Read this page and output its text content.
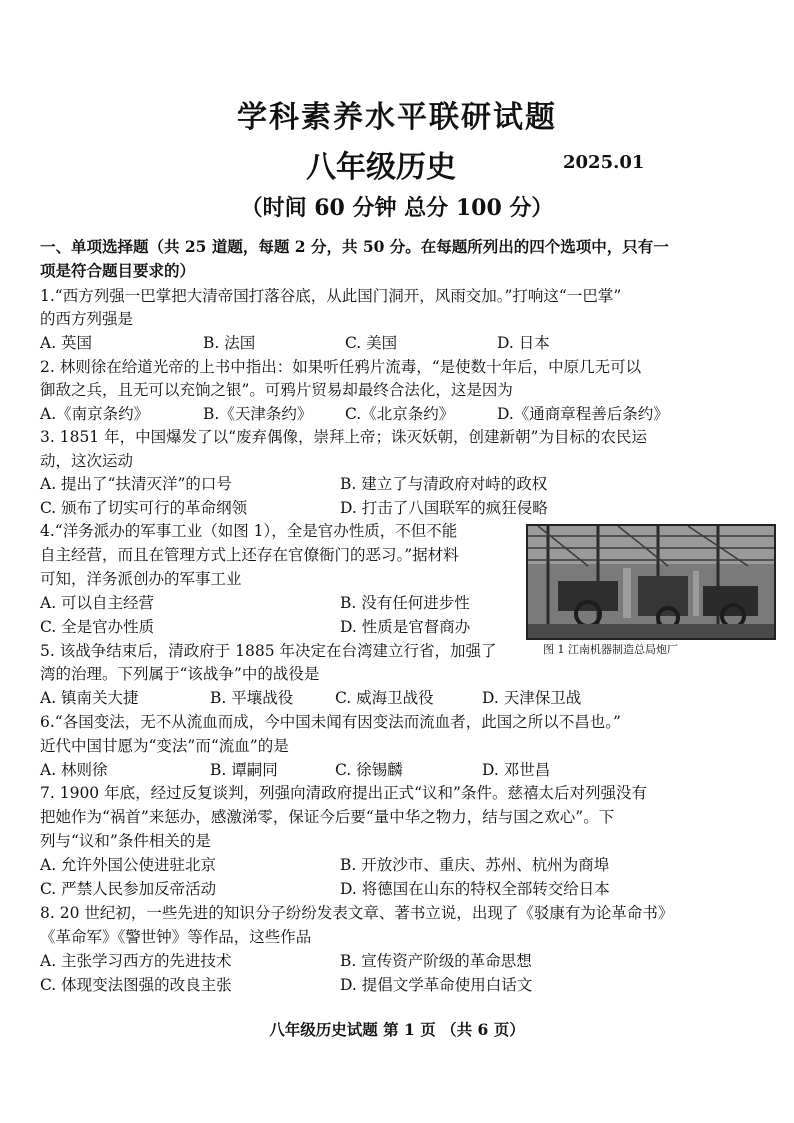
学科素养水平联研试题
八年级历史	2025.01
（时间 60 分钟 总分 100 分）
一、单项选择题（共 25 道题，每题 2 分，共 50 分。在每题所列出的四个选项中，只有一
项是符合题目要求的）
1.“西方列强一巴掌把大清帝国打落谷底，从此国门洞开，风雨交加。”打响这“一巴掌”
的西方列强是
A. 英国	B. 法国	C. 美国	D. 日本
2. 林则徐在给道光帝的上书中指出：如果听任鸦片流毒，“是使数十年后，中原几无可以
御敌之兵，且无可以充饷之银”。可鸦片贸易却最终合法化，这是因为
A.《南京条约》	B.《天津条约》 C.《北京条约》	D.《通商章程善后条约》
3. 1851 年，中国爆发了以“废弃偶像，崇拜上帝；诛灭妖朝，创建新朝”为目标的农民运
动，这次运动
A. 提出了“扶清灭洋”的口号	B. 建立了与清政府对峙的政权
C. 颁布了切实可行的革命纲领	D. 打击了八国联军的疯狂侵略
4.“洋务派办的军事工业（如图 1），全是官办性质，不但不能
自主经营，而且在管理方式上还存在官僚衙门的恶习。”据材料
可知，洋务派创办的军事工业
A. 可以自主经营	B. 没有任何进步性
C. 全是官办性质	D. 性质是官督商办
图 1 江南机器制造总局炮厂
5. 该战争结束后，清政府于 1885 年决定在台湾建立行省，加强了
湾的治理。下列属于“该战争”中的战役是
A. 镇南关大捷	B. 平壤战役	C. 威海卫战役	D. 天津保卫战
6.“各国变法，无不从流血而成，今中国未闻有因变法而流血者，此国之所以不昌也。”
近代中国甘愿为“变法”而“流血”的是
A. 林则徐	B. 谭嗣同	C. 徐锡麟	D. 邓世昌
7. 1900 年底，经过反复谈判，列强向清政府提出正式“议和”条件。慈禧太后对列强没有
把她作为“祸首”来惩办，感激涕零，保证今后要“量中华之物力，结与国之欢心”。下
列与“议和”条件相关的是
A. 允许外国公使进驻北京	B. 开放沙市、重庆、苏州、杭州为商埠
C. 严禁人民参加反帝活动	D. 将德国在山东的特权全部转交给日本
8. 20 世纪初，一些先进的知识分子纷纷发表文章、著书立说，出现了《驳康有为论革命书》
《革命军》《警世钟》等作品，这些作品
A. 主张学习西方的先进技术	B. 宣传资产阶级的革命思想
C. 体现变法图强的改良主张	D. 提倡文学革命使用白话文
八年级历史试题 第 1 页 （共 6 页）
